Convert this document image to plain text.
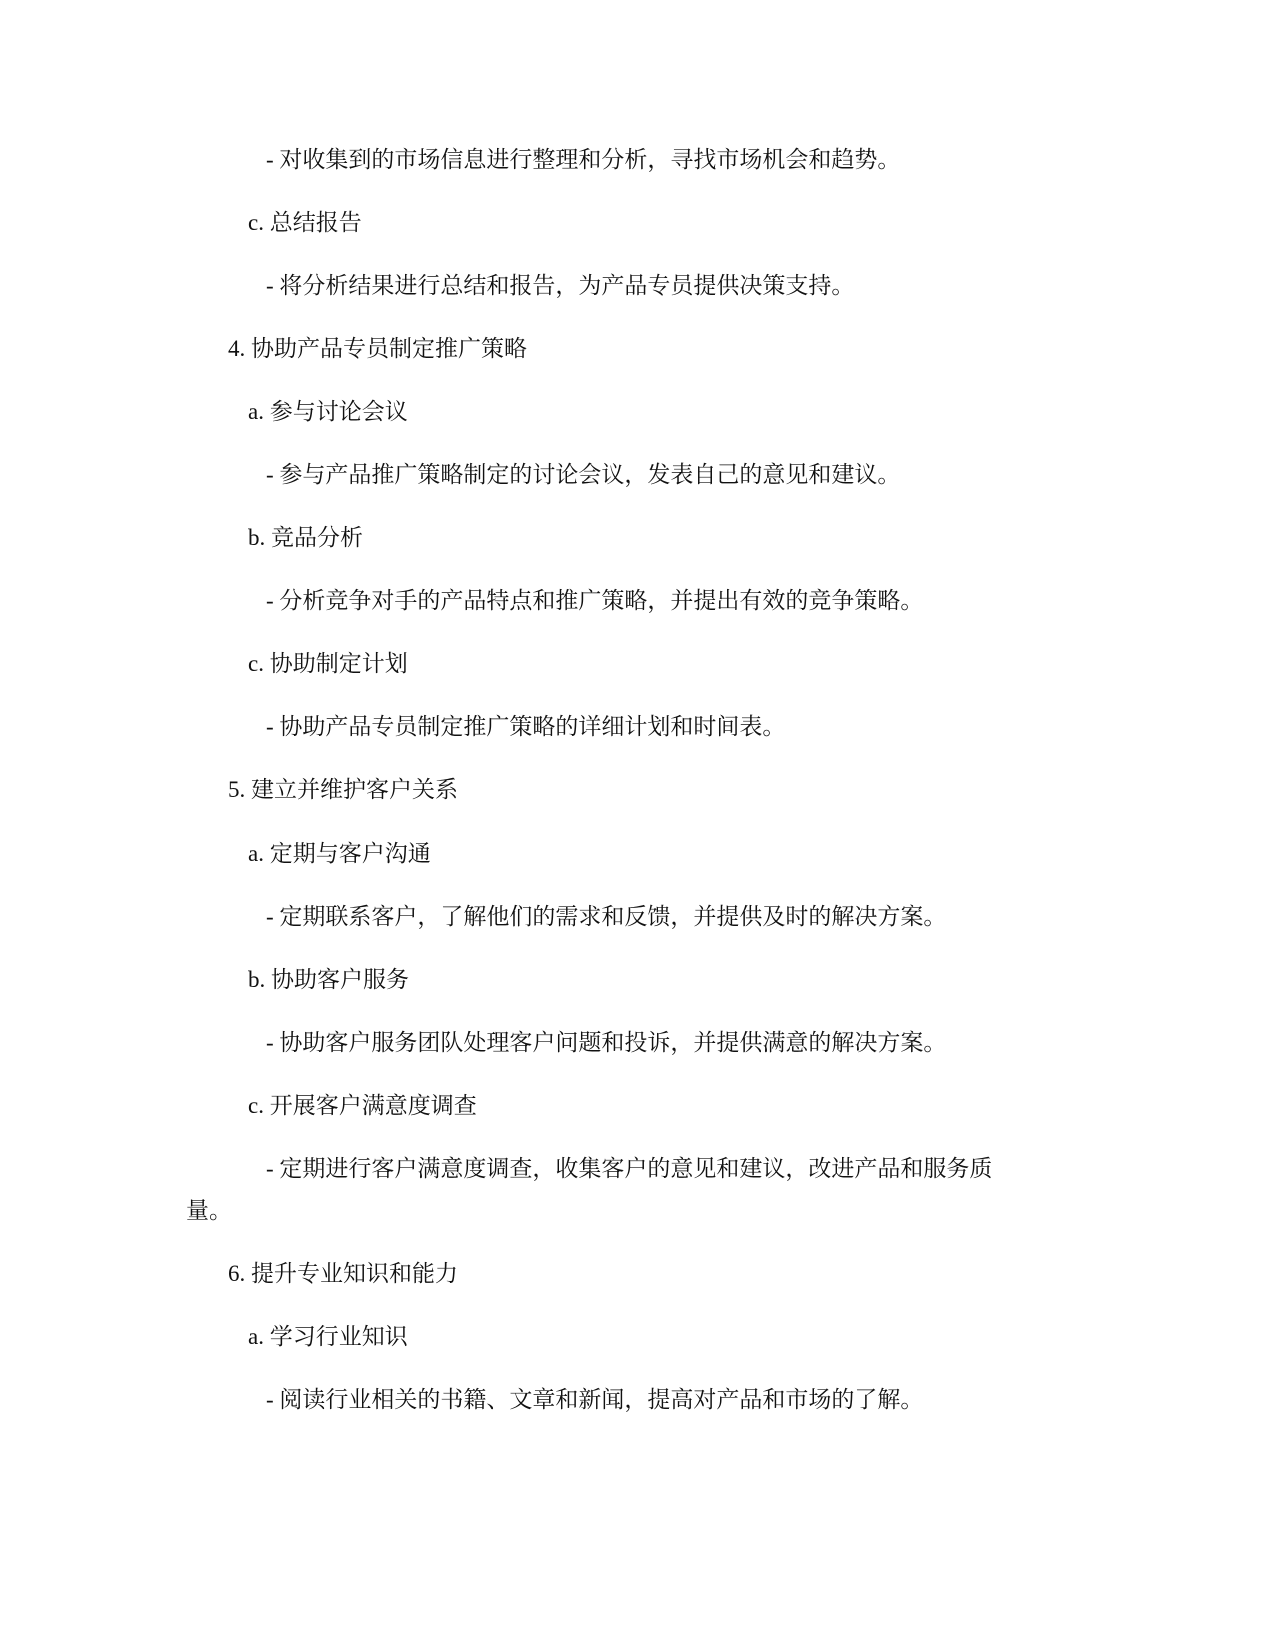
- 对收集到的市场信息进行整理和分析，寻找市场机会和趋势。
c. 总结报告
- 将分析结果进行总结和报告，为产品专员提供决策支持。
4. 协助产品专员制定推广策略
a. 参与讨论会议
- 参与产品推广策略制定的讨论会议，发表自己的意见和建议。
b. 竞品分析
- 分析竞争对手的产品特点和推广策略，并提出有效的竞争策略。
c. 协助制定计划
- 协助产品专员制定推广策略的详细计划和时间表。
5. 建立并维护客户关系
a. 定期与客户沟通
- 定期联系客户，了解他们的需求和反馈，并提供及时的解决方案。
b. 协助客户服务
- 协助客户服务团队处理客户问题和投诉，并提供满意的解决方案。
c. 开展客户满意度调查
- 定期进行客户满意度调查，收集客户的意见和建议，改进产品和服务质
量。
6. 提升专业知识和能力
a. 学习行业知识
- 阅读行业相关的书籍、文章和新闻，提高对产品和市场的了解。
